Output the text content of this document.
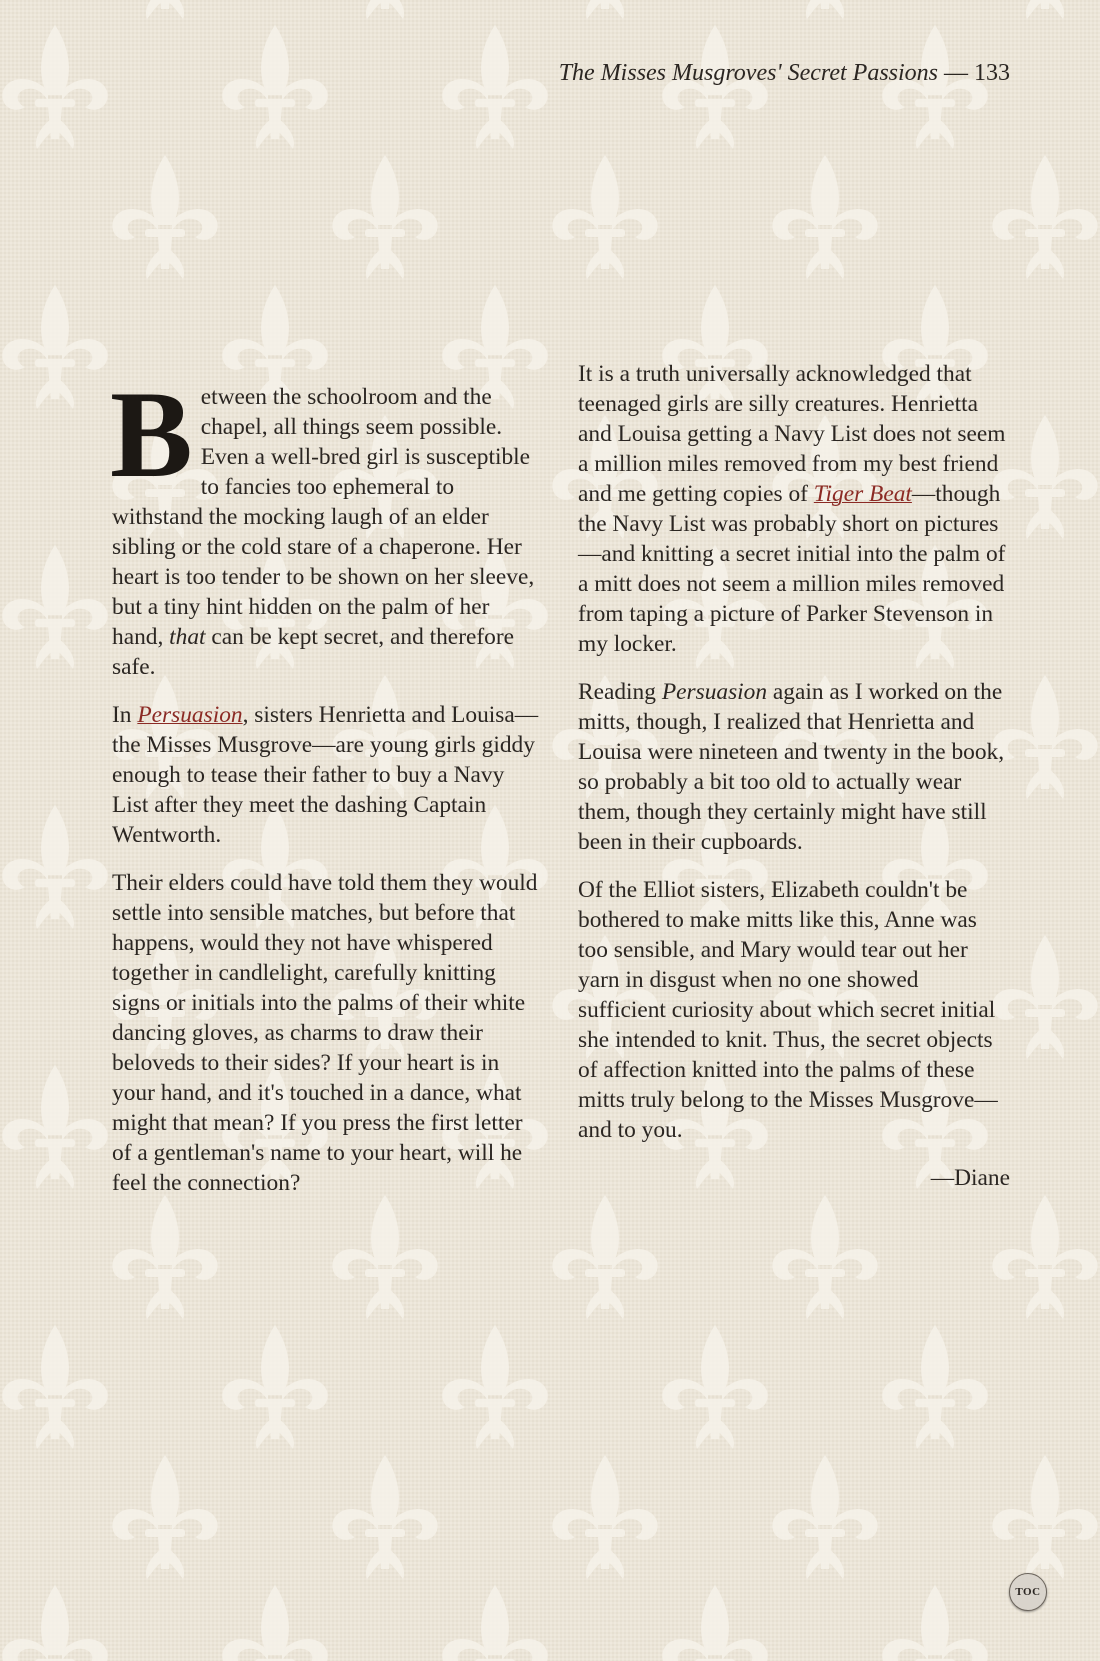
The Misses Musgroves' Secret Passions — 133

Between the schoolroom and the chapel, all things seem possible. Even a well-bred girl is susceptible to fancies too ephemeral to withstand the mocking laugh of an elder sibling or the cold stare of a chaperone. Her heart is too tender to be shown on her sleeve, but a tiny hint hidden on the palm of her hand, that can be kept secret, and therefore safe.

In Persuasion, sisters Henrietta and Louisa—the Misses Musgrove—are young girls giddy enough to tease their father to buy a Navy List after they meet the dashing Captain Wentworth.

Their elders could have told them they would settle into sensible matches, but before that happens, would they not have whispered together in candlelight, carefully knitting signs or initials into the palms of their white dancing gloves, as charms to draw their beloveds to their sides? If your heart is in your hand, and it's touched in a dance, what might that mean? If you press the first letter of a gentleman's name to your heart, will he feel the connection?

It is a truth universally acknowledged that teenaged girls are silly creatures. Henrietta and Louisa getting a Navy List does not seem a million miles removed from my best friend and me getting copies of Tiger Beat—though the Navy List was probably short on pictures—and knitting a secret initial into the palm of a mitt does not seem a million miles removed from taping a picture of Parker Stevenson in my locker.

Reading Persuasion again as I worked on the mitts, though, I realized that Henrietta and Louisa were nineteen and twenty in the book, so probably a bit too old to actually wear them, though they certainly might have still been in their cupboards.

Of the Elliot sisters, Elizabeth couldn't be bothered to make mitts like this, Anne was too sensible, and Mary would tear out her yarn in disgust when no one showed sufficient curiosity about which secret initial she intended to knit. Thus, the secret objects of affection knitted into the palms of these mitts truly belong to the Misses Musgrove—and to you.

—Diane

TOC
